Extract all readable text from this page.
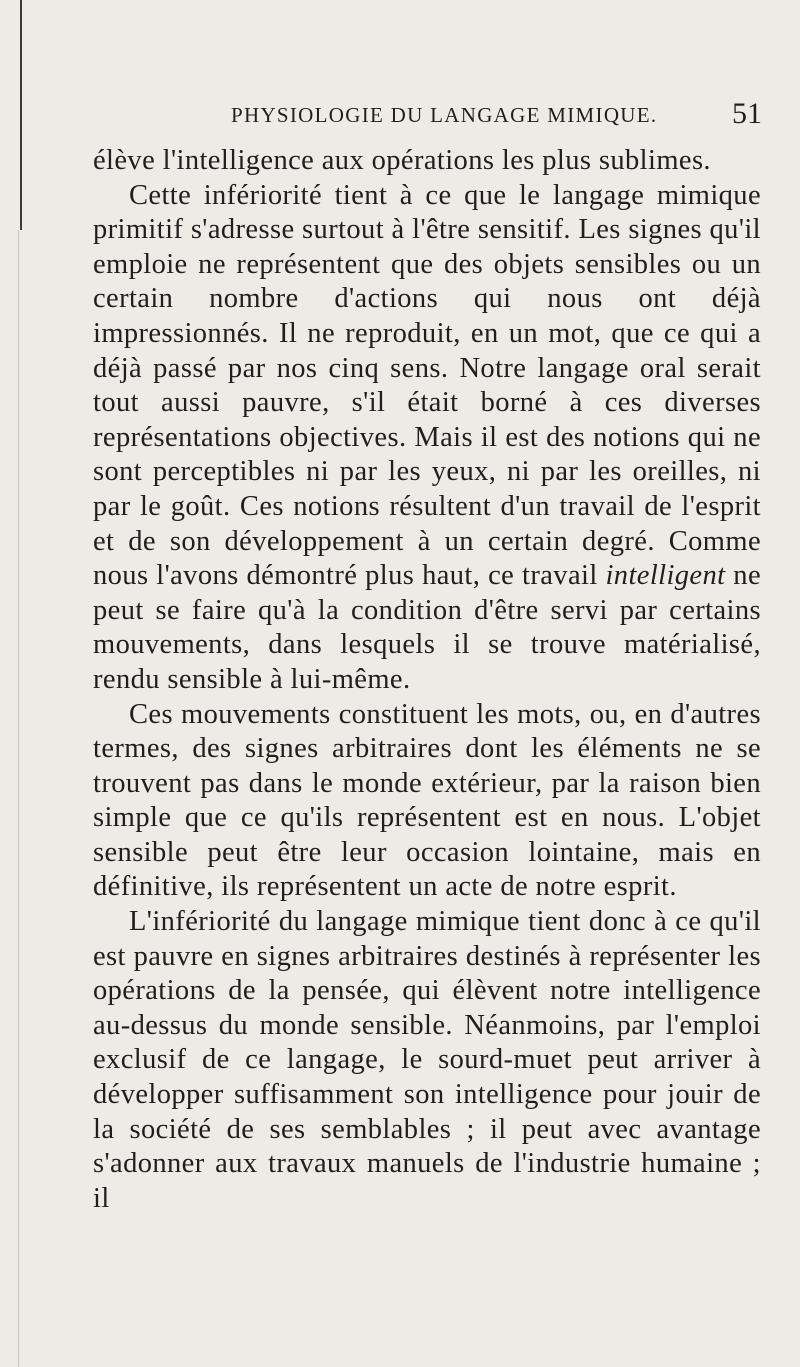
PHYSIOLOGIE DU LANGAGE MIMIQUE. 51

élève l'intelligence aux opérations les plus sublimes.

Cette infériorité tient à ce que le langage mimique primitif s'adresse surtout à l'être sensitif. Les signes qu'il emploie ne représentent que des objets sensibles ou un certain nombre d'actions qui nous ont déjà impressionnés. Il ne reproduit, en un mot, que ce qui a déjà passé par nos cinq sens. Notre langage oral serait tout aussi pauvre, s'il était borné à ces diverses représentations objectives. Mais il est des notions qui ne sont perceptibles ni par les yeux, ni par les oreilles, ni par le goût. Ces notions résultent d'un travail de l'esprit et de son développement à un certain degré. Comme nous l'avons démontré plus haut, ce travail intelligent ne peut se faire qu'à la condition d'être servi par certains mouvements, dans lesquels il se trouve matérialisé, rendu sensible à lui-même.

Ces mouvements constituent les mots, ou, en d'autres termes, des signes arbitraires dont les éléments ne se trouvent pas dans le monde extérieur, par la raison bien simple que ce qu'ils représentent est en nous. L'objet sensible peut être leur occasion lointaine, mais en définitive, ils représentent un acte de notre esprit.

L'infériorité du langage mimique tient donc à ce qu'il est pauvre en signes arbitraires destinés à représenter les opérations de la pensée, qui élèvent notre intelligence au-dessus du monde sensible. Néanmoins, par l'emploi exclusif de ce langage, le sourd-muet peut arriver à développer suffisamment son intelligence pour jouir de la société de ses semblables ; il peut avec avantage s'adonner aux travaux manuels de l'industrie humaine ; il
